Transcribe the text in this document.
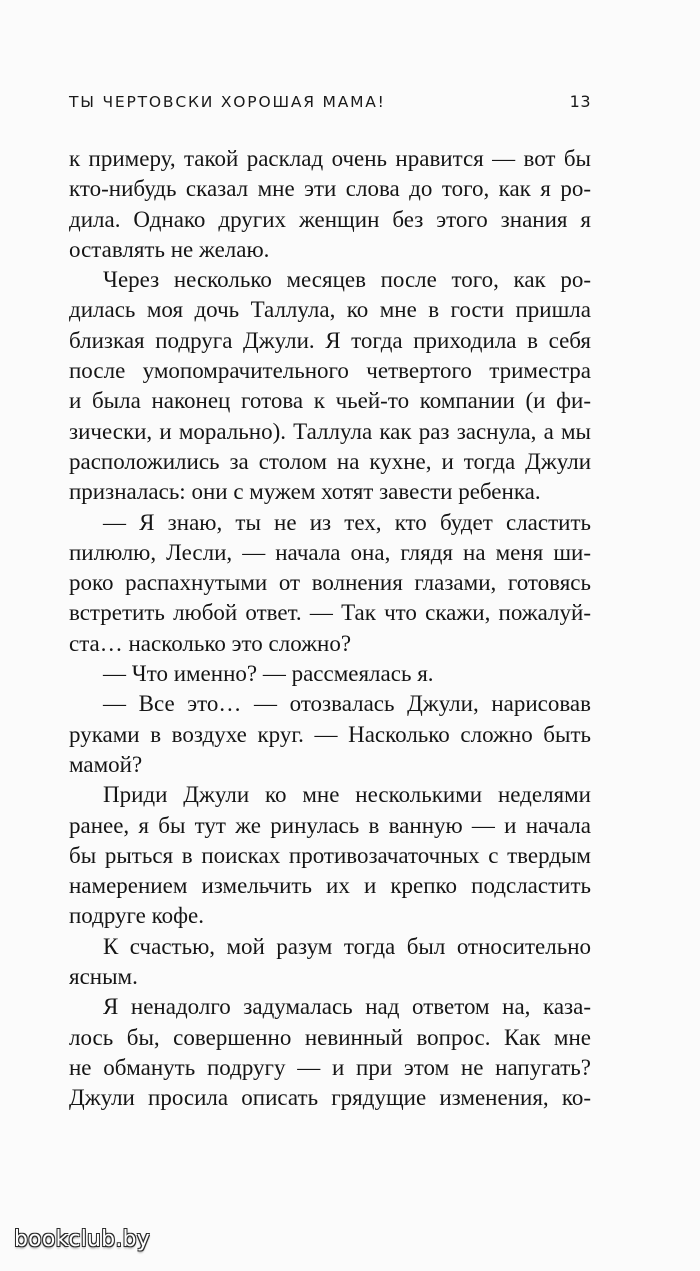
ТЫ ЧЕРТОВСКИ ХОРОШАЯ МАМА!	13

к примеру, такой расклад очень нравится — вот бы
кто-нибудь сказал мне эти слова до того, как я ро-
дила. Однако других женщин без этого знания я
оставлять не желаю.

Через несколько месяцев после того, как ро-
дилась моя дочь Таллула, ко мне в гости пришла
близкая подруга Джули. Я тогда приходила в себя
после умопомрачительного четвертого триместра
и была наконец готова к чьей-то компании (и фи-
зически, и морально). Таллула как раз заснула, а мы
расположились за столом на кухне, и тогда Джули
призналась: они с мужем хотят завести ребенка.

— Я знаю, ты не из тех, кто будет сластить
пилюлю, Лесли, — начала она, глядя на меня ши-
роко распахнутыми от волнения глазами, готовясь
встретить любой ответ. — Так что скажи, пожалуй-
ста… насколько это сложно?

— Что именно? — рассмеялась я.

— Все это… — отозвалась Джули, нарисовав
руками в воздухе круг. — Насколько сложно быть
мамой?

Приди Джули ко мне несколькими неделями
ранее, я бы тут же ринулась в ванную — и начала
бы рыться в поисках противозачаточных с твердым
намерением измельчить их и крепко подсластить
подруге кофе.

К счастью, мой разум тогда был относительно
ясным.

Я ненадолго задумалась над ответом на, каза-
лось бы, совершенно невинный вопрос. Как мне
не обмануть подругу — и при этом не напугать?
Джули просила описать грядущие изменения, ко-

bookclub.by
